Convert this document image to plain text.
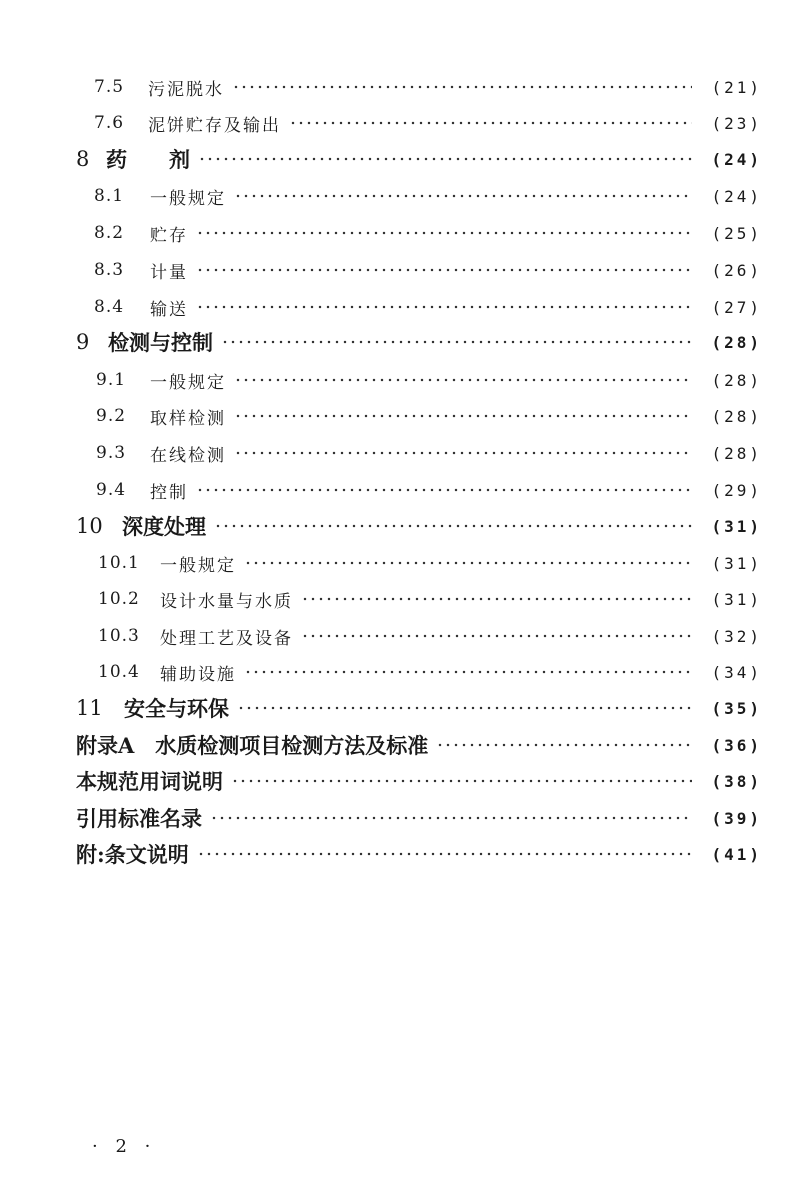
7.5	污泥脱水	(21)
7.6	泥饼贮存及输出	(23)
8 药　　剂	(24)
8.1	一般规定	(24)
8.2	贮存	(25)
8.3	计量	(26)
8.4	输送	(27)
9 检测与控制	(28)
9.1	一般规定	(28)
9.2	取样检测	(28)
9.3	在线检测	(28)
9.4	控制	(29)
10 深度处理	(31)
10.1	一般规定	(31)
10.2	设计水量与水质	(31)
10.3	处理工艺及设备	(32)
10.4	辅助设施	(34)
11	安全与环保	(35)
附录A　水质检测项目检测方法及标准	(36)
本规范用词说明	(38)
引用标准名录	(39)
附:条文说明	(41)
· 2 ·
